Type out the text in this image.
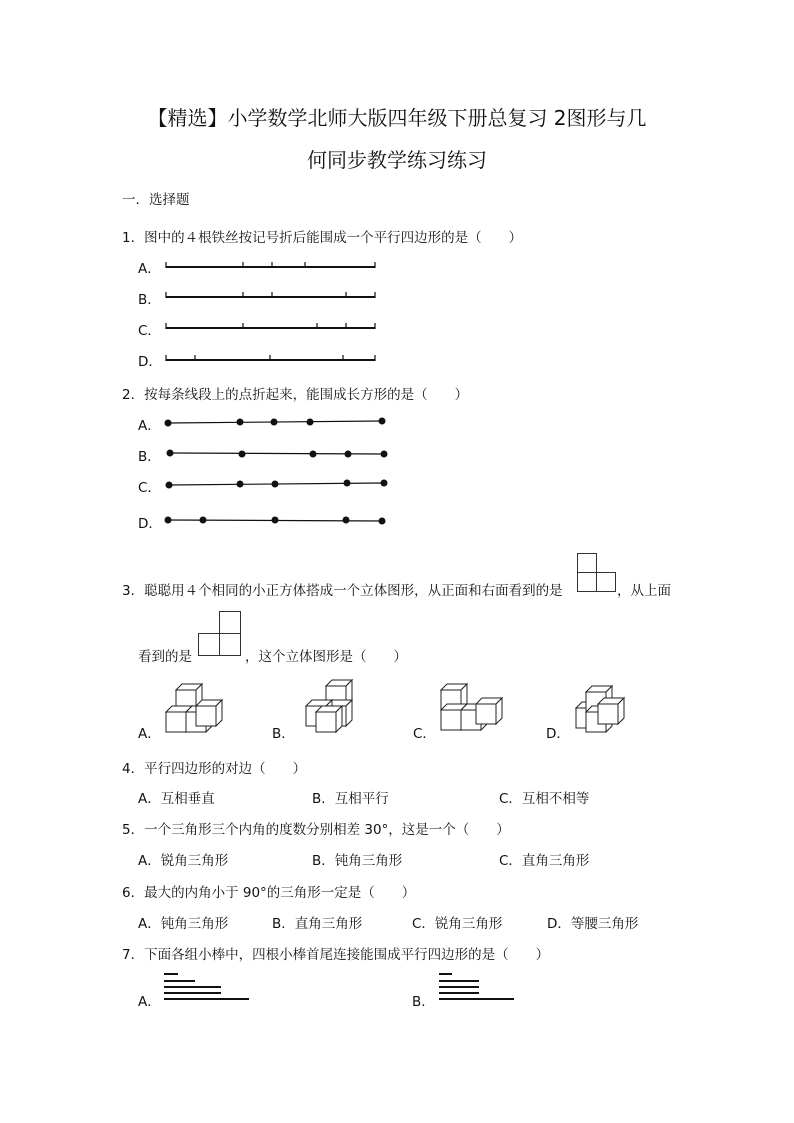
【精选】小学数学北师大版四年级下册总复习 2图形与几
何同步教学练习练习
一．选择题
1．图中的４根铁丝按记号折后能围成一个平行四边形的是（　　）
A．
B．
C．
D．
2．按每条线段上的点折起来，能围成长方形的是（　　）
A．
B．
C．
D．
3．聪聪用４个相同的小正方体搭成一个立体图形，从正面和右面看到的是	，从上面
看到的是	，这个立体图形是（　　）
A．	B．	C．	D．
4．平行四边形的对边（　　）
A．互相垂直	B．互相平行	C．互相不相等
5．一个三角形三个内角的度数分别相差 30°，这是一个（　　）
A．锐角三角形	B．钝角三角形	C．直角三角形
6．最大的内角小于 90°的三角形一定是（　　）
A．钝角三角形	B．直角三角形	C．锐角三角形	D．等腰三角形
7．下面各组小棒中，四根小棒首尾连接能围成平行四边形的是（　　）
A．	B．
